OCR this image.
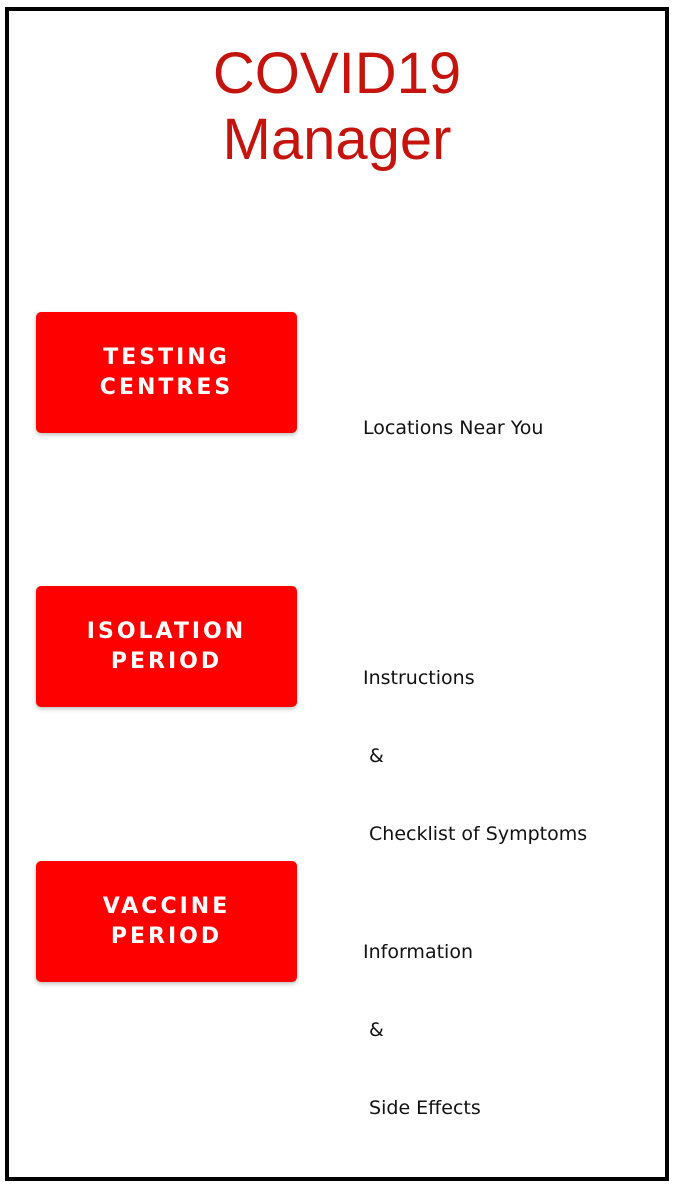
COVID19
Manager
TESTING
CENTRES

Locations Near You

ISOLATION
PERIOD

Instructions

&

Checklist of Symptoms

VACCINE
PERIOD

Information

&

Side Effects
